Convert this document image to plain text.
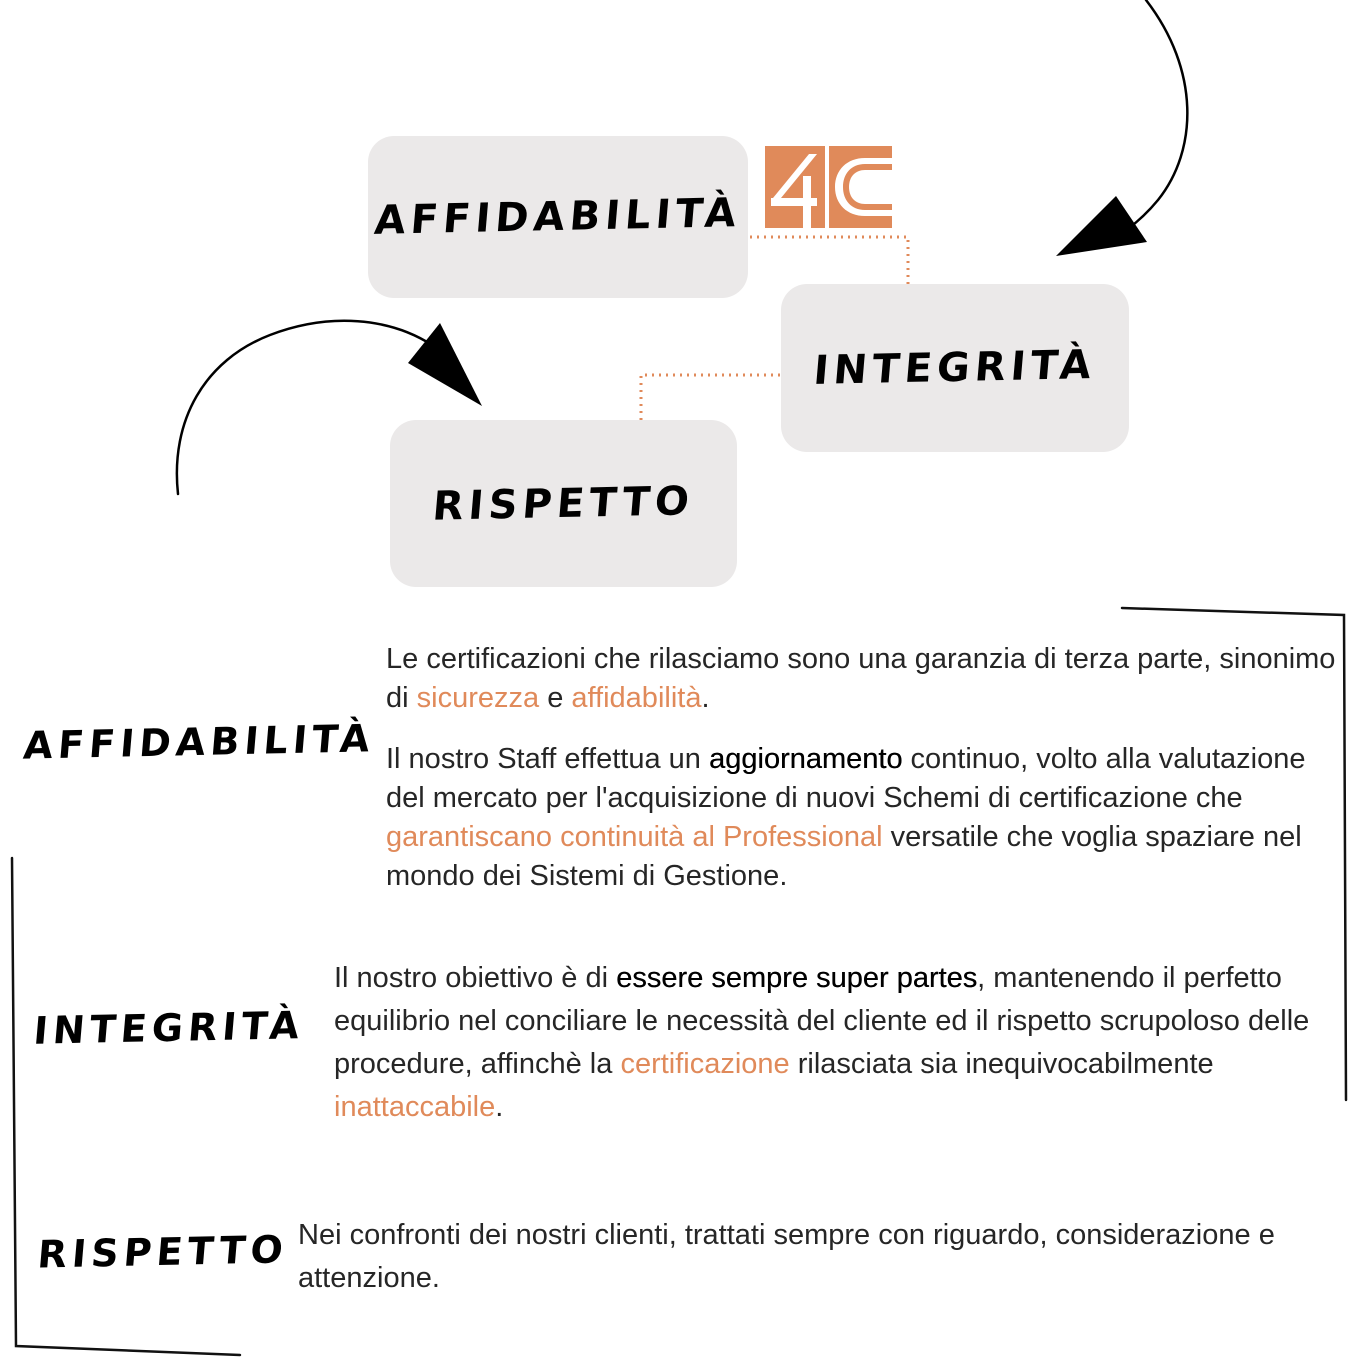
AFFIDABILITÀ
INTEGRITÀ
RISPETTO
AFFIDABILITÀ
INTEGRITÀ
RISPETTO

Le certificazioni che rilasciamo sono una garanzia di terza parte, sinonimo di sicurezza e affidabilità.

Il nostro Staff effettua un aggiornamento continuo, volto alla valutazione del mercato per l'acquisizione di nuovi Schemi di certificazione che garantiscano continuità al Professional versatile che voglia spaziare nel mondo dei Sistemi di Gestione.

Il nostro obiettivo è di essere sempre super partes, mantenendo il perfetto equilibrio nel conciliare le necessità del cliente ed il rispetto scrupoloso delle procedure, affinchè la certificazione rilasciata sia inequivocabilmente inattaccabile.

Nei confronti dei nostri clienti, trattati sempre con riguardo, considerazione e attenzione.
